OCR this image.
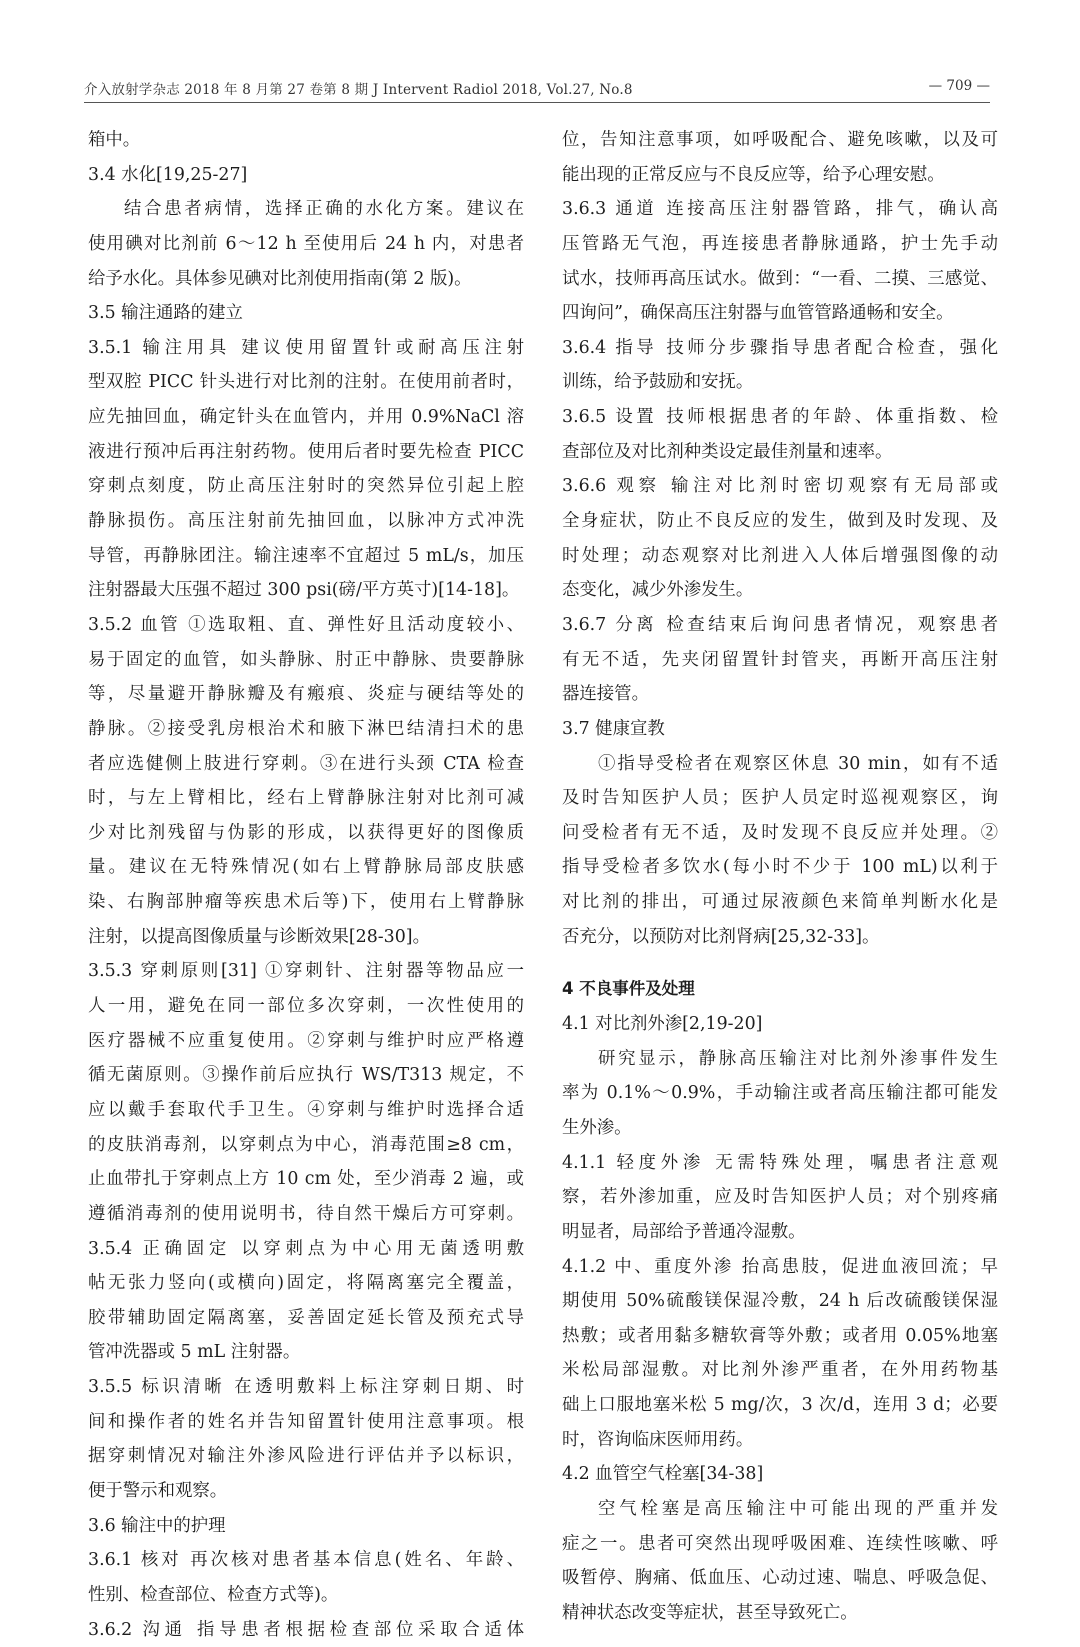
介入放射学杂志 2018 年 8 月第 27 卷第 8 期 J Intervent Radiol 2018, Vol.27, No.8	— 709 —
箱中。
3.4 水化[19,25-27]
结合患者病情，选择正确的水化方案。建议在
使用碘对比剂前 6～12 h 至使用后 24 h 内，对患者
给予水化。具体参见碘对比剂使用指南(第 2 版)。
3.5 输注通路的建立
3.5.1 输注用具 建议使用留置针或耐高压注射
型双腔 PICC 针头进行对比剂的注射。在使用前者时，
应先抽回血，确定针头在血管内，并用 0.9%NaCl 溶
液进行预冲后再注射药物。使用后者时要先检查 PICC
穿刺点刻度，防止高压注射时的突然异位引起上腔
静脉损伤。高压注射前先抽回血，以脉冲方式冲洗
导管，再静脉团注。输注速率不宜超过 5 mL/s，加压
注射器最大压强不超过 300 psi(磅/平方英寸)[14-18]。
3.5.2 血管 ①选取粗、直、弹性好且活动度较小、
易于固定的血管，如头静脉、肘正中静脉、贵要静脉
等，尽量避开静脉瓣及有瘢痕、炎症与硬结等处的
静脉。②接受乳房根治术和腋下淋巴结清扫术的患
者应选健侧上肢进行穿刺。③在进行头颈 CTA 检查
时，与左上臂相比，经右上臂静脉注射对比剂可减
少对比剂残留与伪影的形成，以获得更好的图像质
量。建议在无特殊情况(如右上臂静脉局部皮肤感
染、右胸部肿瘤等疾患术后等)下，使用右上臂静脉
注射，以提高图像质量与诊断效果[28-30]。
3.5.3 穿刺原则[31] ①穿刺针、注射器等物品应一
人一用，避免在同一部位多次穿刺，一次性使用的
医疗器械不应重复使用。②穿刺与维护时应严格遵
循无菌原则。③操作前后应执行 WS/T313 规定，不
应以戴手套取代手卫生。④穿刺与维护时选择合适
的皮肤消毒剂，以穿刺点为中心，消毒范围≥8 cm，
止血带扎于穿刺点上方 10 cm 处，至少消毒 2 遍，或
遵循消毒剂的使用说明书，待自然干燥后方可穿刺。
3.5.4 正确固定 以穿刺点为中心用无菌透明敷
帖无张力竖向(或横向)固定，将隔离塞完全覆盖，
胶带辅助固定隔离塞，妥善固定延长管及预充式导
管冲洗器或 5 mL 注射器。
3.5.5 标识清晰 在透明敷料上标注穿刺日期、时
间和操作者的姓名并告知留置针使用注意事项。根
据穿刺情况对输注外渗风险进行评估并予以标识，
便于警示和观察。
3.6 输注中的护理
3.6.1 核对 再次核对患者基本信息(姓名、年龄、
性别、检查部位、检查方式等)。
3.6.2 沟通 指导患者根据检查部位采取合适体
位，告知注意事项，如呼吸配合、避免咳嗽，以及可
能出现的正常反应与不良反应等，给予心理安慰。
3.6.3 通道 连接高压注射器管路，排气，确认高
压管路无气泡，再连接患者静脉通路，护士先手动
试水，技师再高压试水。做到：“一看、二摸、三感觉、
四询问”，确保高压注射器与血管管路通畅和安全。
3.6.4 指导 技师分步骤指导患者配合检查，强化
训练，给予鼓励和安抚。
3.6.5 设置 技师根据患者的年龄、体重指数、检
查部位及对比剂种类设定最佳剂量和速率。
3.6.6 观察 输注对比剂时密切观察有无局部或
全身症状，防止不良反应的发生，做到及时发现、及
时处理；动态观察对比剂进入人体后增强图像的动
态变化，减少外渗发生。
3.6.7 分离 检查结束后询问患者情况，观察患者
有无不适，先夹闭留置针封管夹，再断开高压注射
器连接管。
3.7 健康宣教
①指导受检者在观察区休息 30 min，如有不适
及时告知医护人员；医护人员定时巡视观察区，询
问受检者有无不适，及时发现不良反应并处理。②
指导受检者多饮水(每小时不少于 100 mL)以利于
对比剂的排出，可通过尿液颜色来简单判断水化是
否充分，以预防对比剂肾病[25,32-33]。
4 不良事件及处理
4.1 对比剂外渗[2,19-20]
研究显示，静脉高压输注对比剂外渗事件发生
率为 0.1%～0.9%，手动输注或者高压输注都可能发
生外渗。
4.1.1 轻度外渗 无需特殊处理，嘱患者注意观
察，若外渗加重，应及时告知医护人员；对个别疼痛
明显者，局部给予普通冷湿敷。
4.1.2 中、重度外渗 抬高患肢，促进血液回流；早
期使用 50%硫酸镁保湿冷敷，24 h 后改硫酸镁保湿
热敷；或者用黏多糖软膏等外敷；或者用 0.05%地塞
米松局部湿敷。对比剂外渗严重者，在外用药物基
础上口服地塞米松 5 mg/次，3 次/d，连用 3 d；必要
时，咨询临床医师用药。
4.2 血管空气栓塞[34-38]
空气栓塞是高压输注中可能出现的严重并发
症之一。患者可突然出现呼吸困难、连续性咳嗽、呼
吸暂停、胸痛、低血压、心动过速、喘息、呼吸急促、
精神状态改变等症状，甚至导致死亡。
